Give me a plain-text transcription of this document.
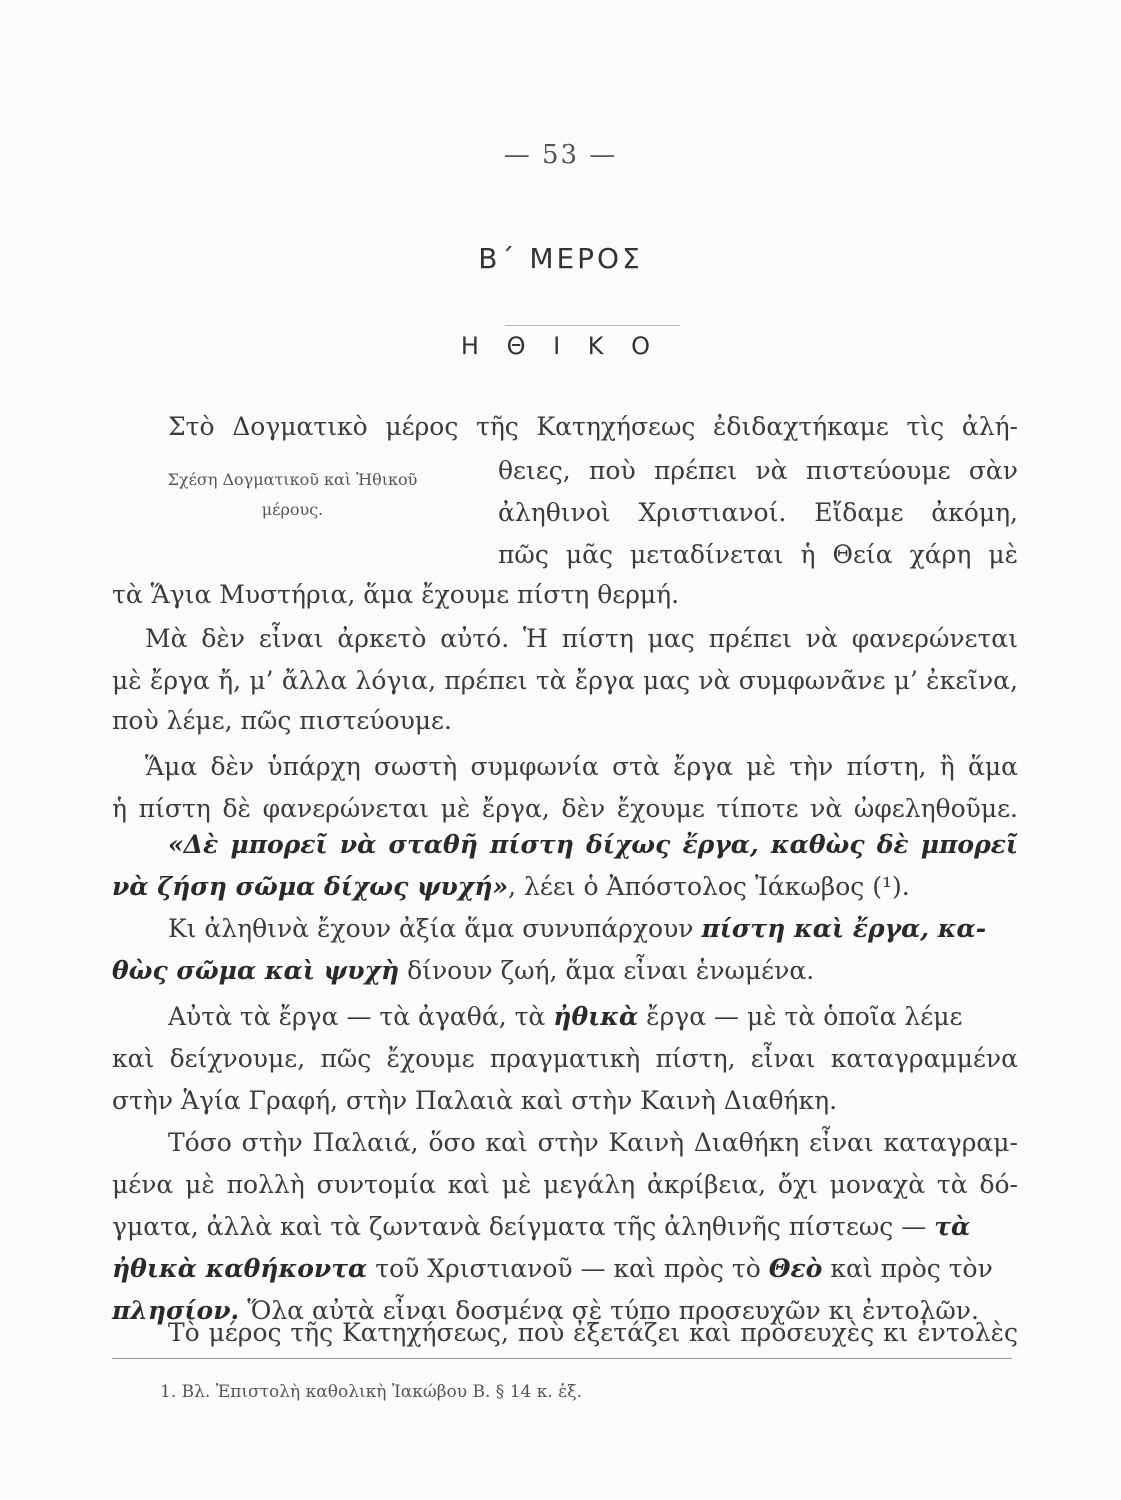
— 53 —
Β΄ ΜΕΡΟΣ
Η Θ Ι Κ Ο
Σχέση Δογματικοῦ καὶ Ἠθικοῦ
μέρους.
Στὸ Δογματικὸ μέρος τῆς Κατηχήσεως ἐδιδαχτήκαμε τὶς ἀλή-
θειες, ποὺ πρέπει νὰ πιστεύουμε σὰν
ἀληθινοὶ Χριστιανοί. Εἴδαμε ἀκόμη,
πῶς μᾶς μεταδίνεται ἡ Θεία χάρη μὲ
τὰ Ἅγια Μυστήρια, ἅμα ἔχουμε πίστη θερμή.
Μὰ δὲν εἶναι ἀρκετὸ αὐτό. Ἡ πίστη μας πρέπει νὰ φανερώνεται
μὲ ἔργα ἤ, μ’ ἄλλα λόγια, πρέπει τὰ ἔργα μας νὰ συμφωνᾶνε μ’ ἐκεῖνα,
ποὺ λέμε, πῶς πιστεύουμε.
Ἅμα δὲν ὑπάρχη σωστὴ συμφωνία στὰ ἔργα μὲ τὴν πίστη, ἢ ἅμα
ἡ πίστη δὲ φανερώνεται μὲ ἔργα, δὲν ἔχουμε τίποτε νὰ ὠφεληθοῦμε.
«Δὲ μπορεῖ νὰ σταθῆ πίστη δίχως ἔργα, καθὼς δὲ μπορεῖ
νὰ ζήση σῶμα δίχως ψυχή», λέει ὁ Ἀπόστολος Ἰάκωβος (¹).
Κι ἀληθινὰ ἔχουν ἀξία ἅμα συνυπάρχουν πίστη καὶ ἔργα, κα-
θὼς σῶμα καὶ ψυχὴ δίνουν ζωή, ἅμα εἶναι ἑνωμένα.
Αὐτὰ τὰ ἔργα — τὰ ἀγαθά, τὰ ἠθικὰ ἔργα — μὲ τὰ ὁποῖα λέμε
καὶ δείχνουμε, πῶς ἔχουμε πραγματικὴ πίστη, εἶναι καταγραμμένα
στὴν Ἁγία Γραφή, στὴν Παλαιὰ καὶ στὴν Καινὴ Διαθήκη.
Τόσο στὴν Παλαιά, ὅσο καὶ στὴν Καινὴ Διαθήκη εἶναι καταγραμ-
μένα μὲ πολλὴ συντομία καὶ μὲ μεγάλη ἀκρίβεια, ὄχι μοναχὰ τὰ δό-
γματα, ἀλλὰ καὶ τὰ ζωντανὰ δείγματα τῆς ἀληθινῆς πίστεως — τὰ
ἠθικὰ καθήκοντα τοῦ Χριστιανοῦ — καὶ πρὸς τὸ Θεὸ καὶ πρὸς τὸν
πλησίον. Ὅλα αὐτὰ εἶναι δοσμένα σὲ τύπο προσευχῶν κι ἐντολῶν.
Τὸ μέρος τῆς Κατηχήσεως, ποὺ ἐξετάζει καὶ προσευχὲς κι ἐντολὲς
1. Βλ. Ἐπιστολὴ καθολικὴ Ἰακώβου Β. § 14 κ. ἑξ.
